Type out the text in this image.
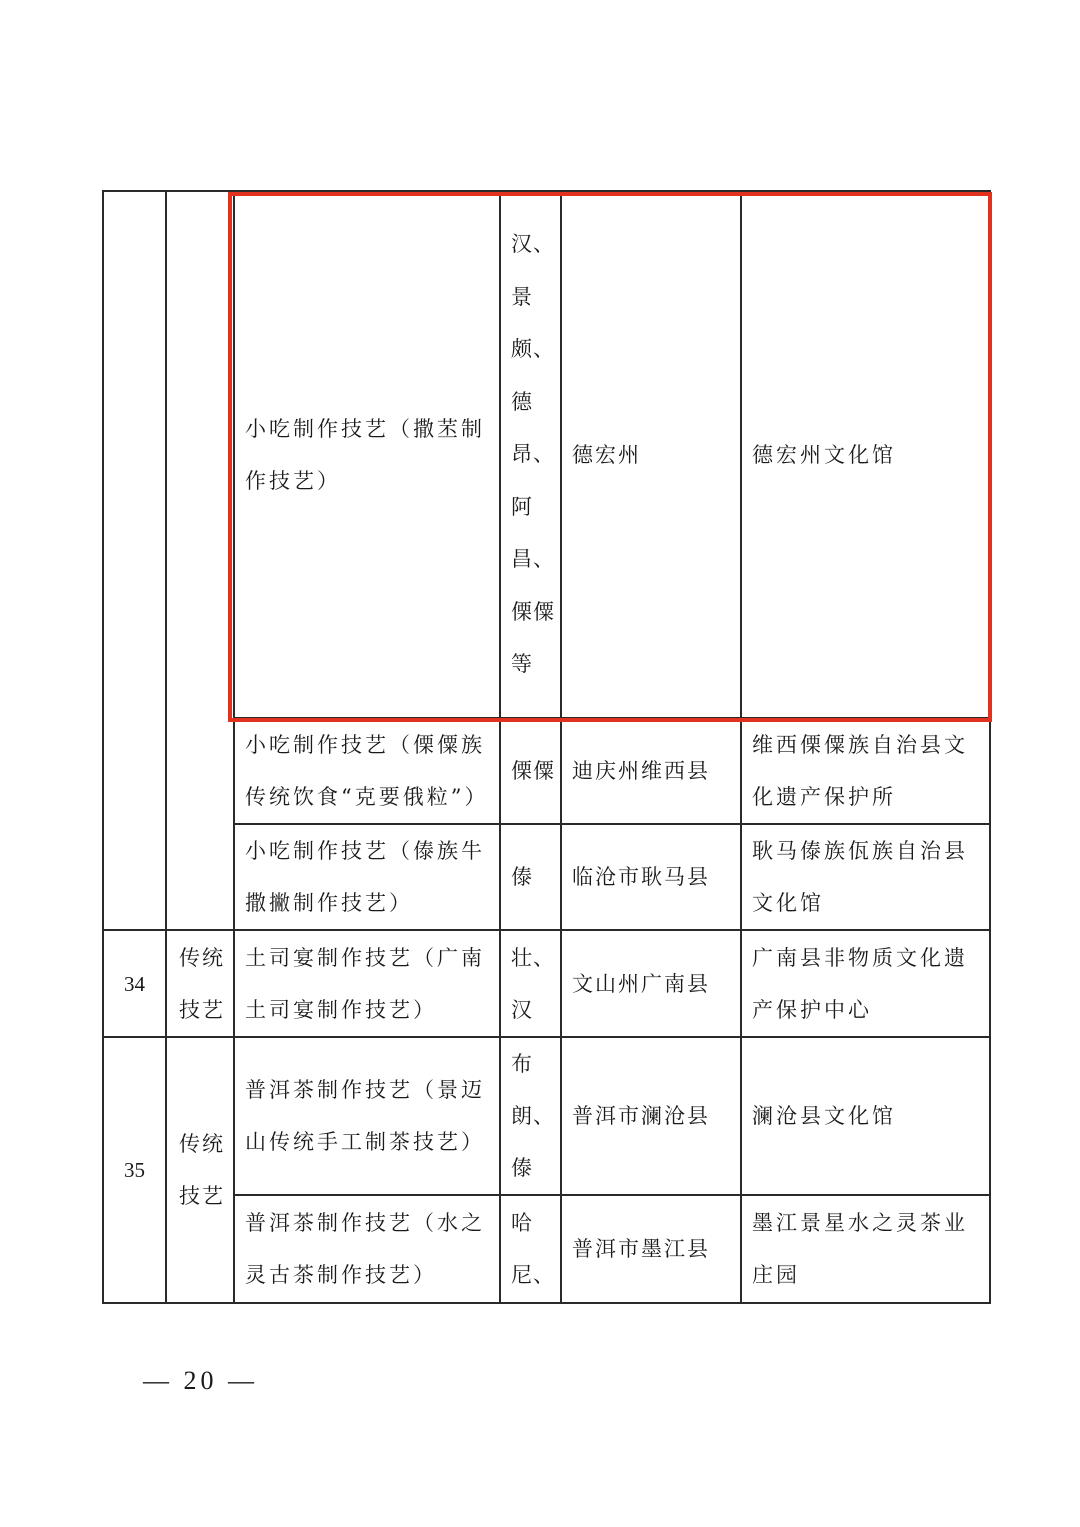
		小吃制作技艺（撒苤制作技艺）	汉、景颇、德昂、阿昌、傈僳等	德宏州	德宏州文化馆

		小吃制作技艺（傈僳族传统饮食“克要俄粒”）	傈僳	迪庆州维西县	维西傈僳族自治县文化遗产保护所

		小吃制作技艺（傣族牛撒撇制作技艺）	傣	临沧市耿马县	耿马傣族佤族自治县文化馆

34	传统技艺	土司宴制作技艺（广南土司宴制作技艺）	壮、汉	文山州广南县	广南县非物质文化遗产保护中心

35	传统技艺	普洱茶制作技艺（景迈山传统手工制茶技艺）	布朗、傣	普洱市澜沧县	澜沧县文化馆

		普洱茶制作技艺（水之灵古茶制作技艺）	哈尼、	普洱市墨江县	墨江景星水之灵茶业庄园
— 20 —
